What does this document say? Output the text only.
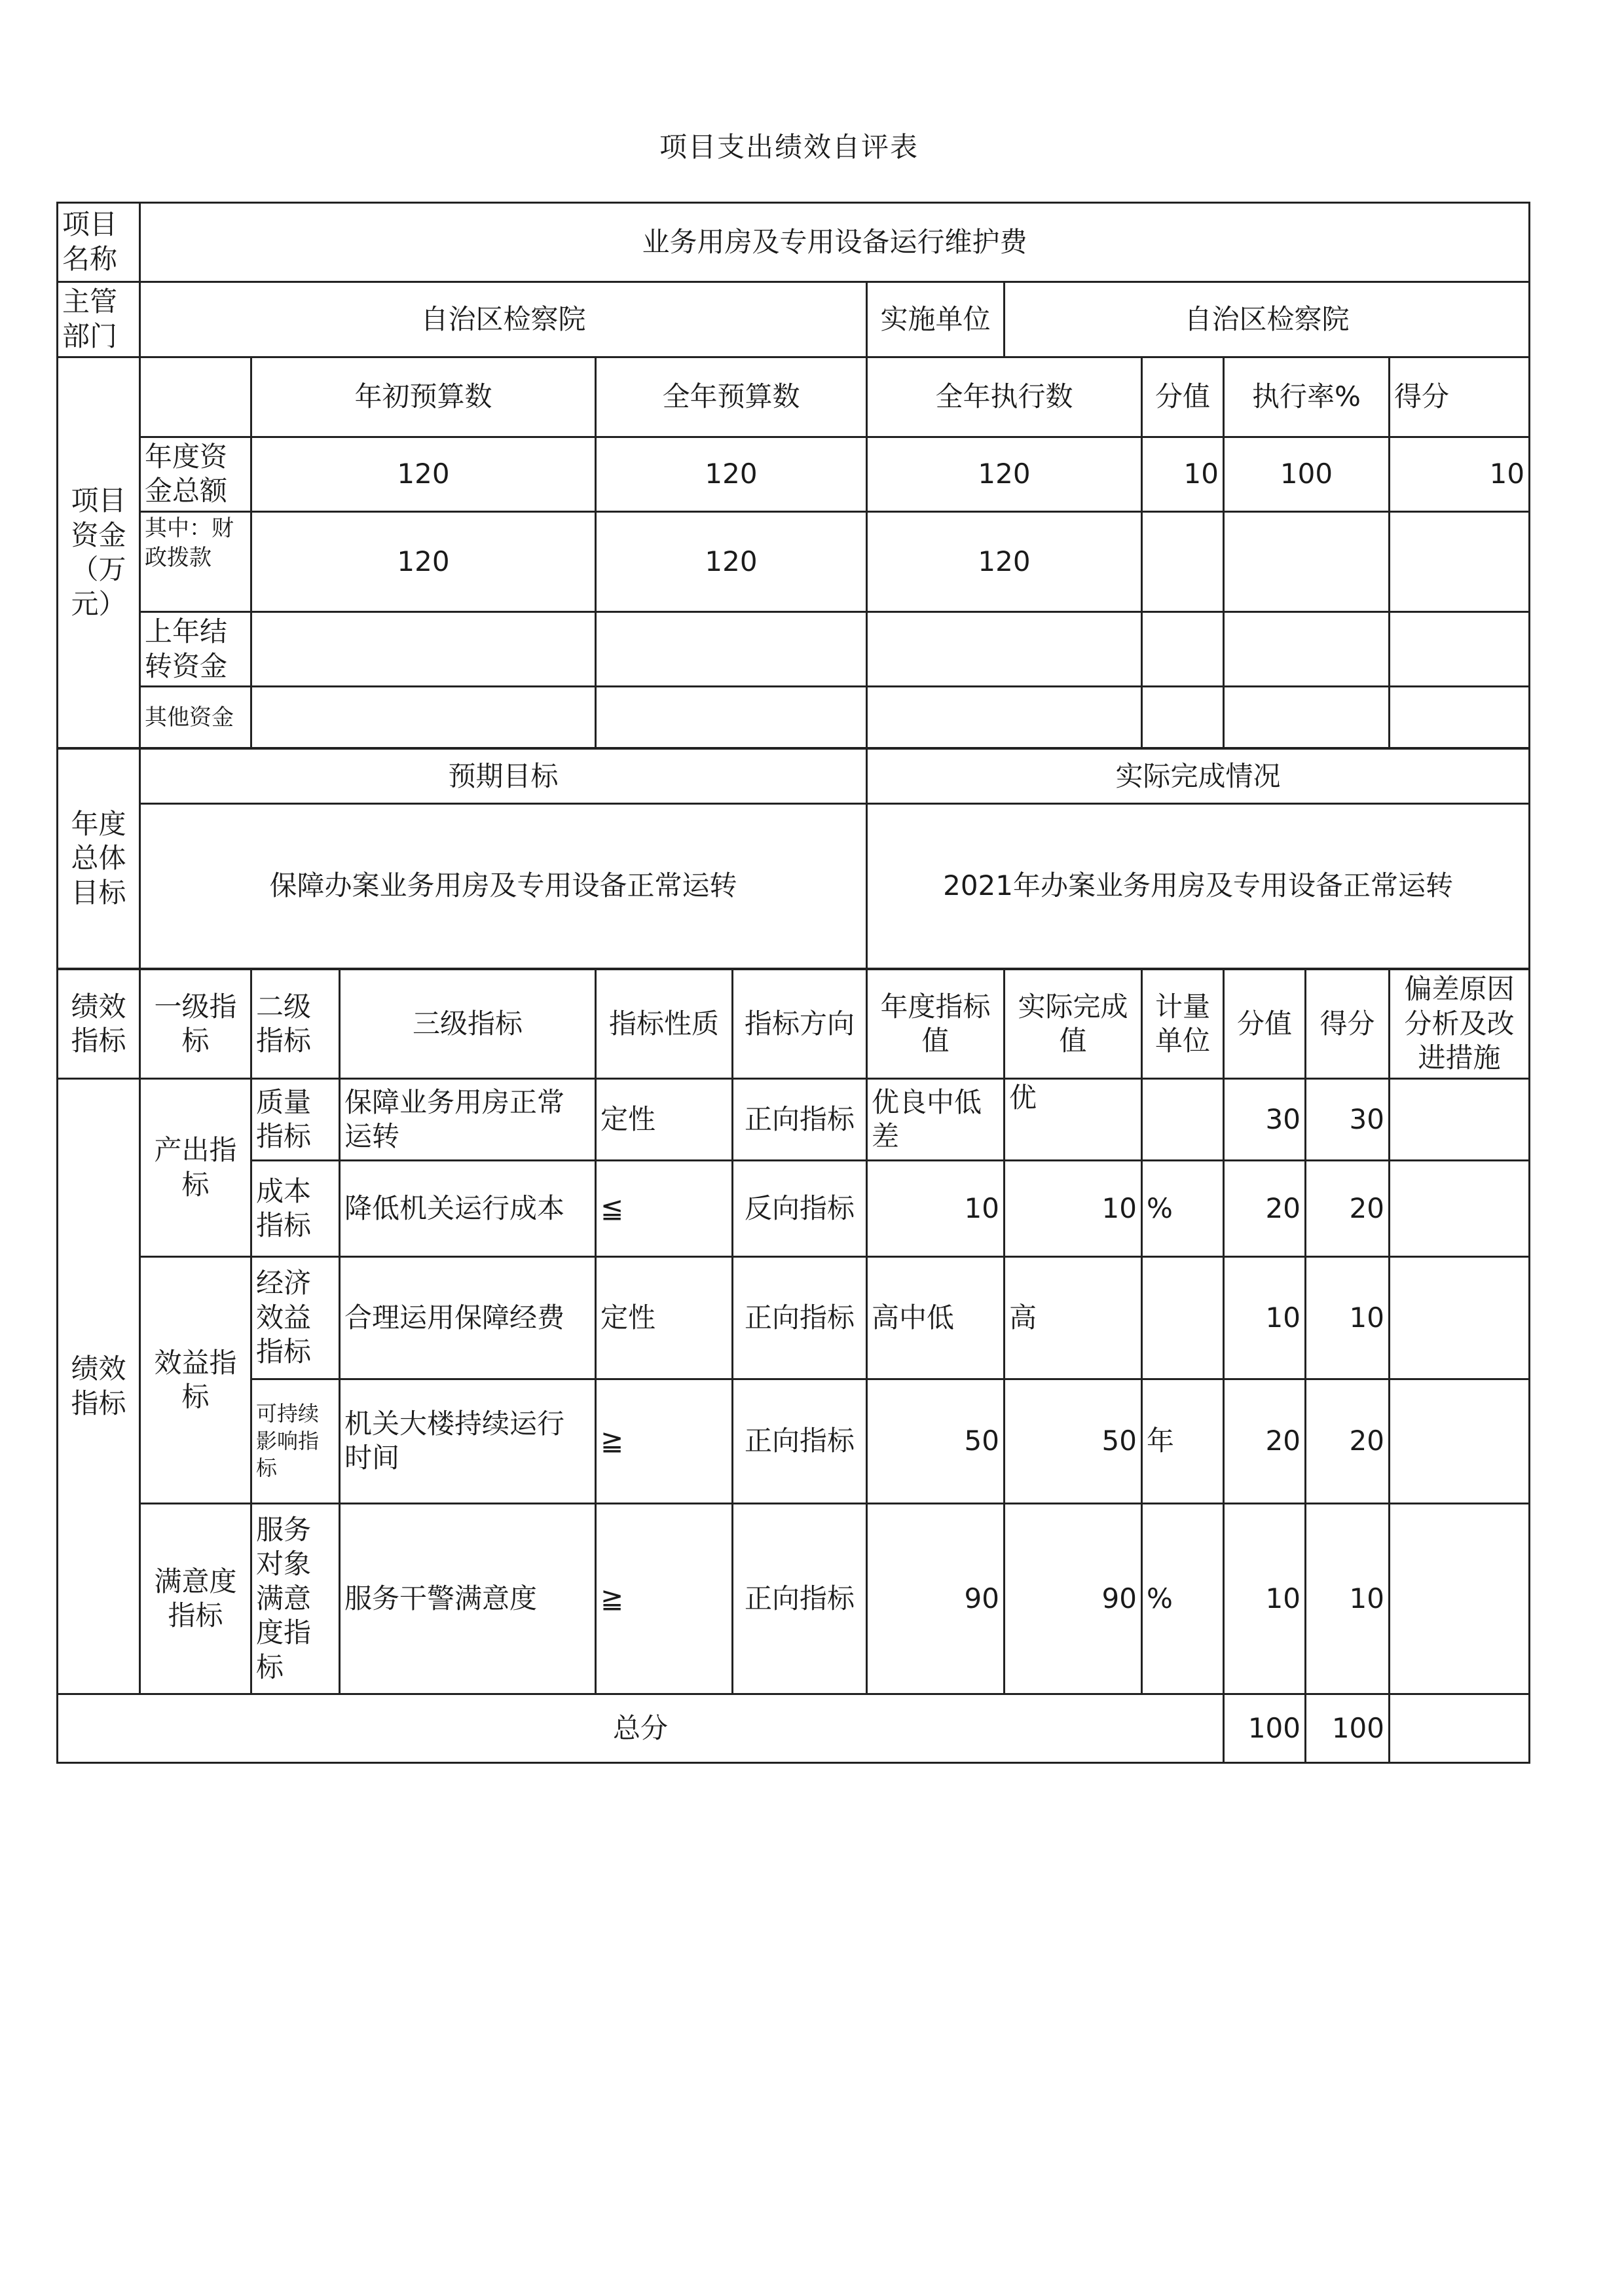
项目支出绩效自评表
项目名称	业务用房及专用设备运行维护费										
主管部门	自治区检察院					实施单位	自治区检察院				
项目资金（万元）		年初预算数		全年预算数		全年执行数		分值	执行率%		得分
	年度资金总额	120		120		120		10	100		10
	其中：财政拨款	120		120		120					
	上年结转资金										
	其他资金										
年度总体目标	预期目标					实际完成情况					
	保障办案业务用房及专用设备正常运转					2021年办案业务用房及专用设备正常运转					
绩效指标	一级指标	二级指标	三级指标	指标性质	指标方向	年度指标值	实际完成值	计量单位	分值	得分	偏差原因分析及改进措施
绩效指标	产出指标	质量指标	保障业务用房正常运转	定性	正向指标	优良中低差	优		30	30	
		成本指标	降低机关运行成本	≦	反向指标	10	10	%	20	20	
	效益指标	经济效益指标	合理运用保障经费	定性	正向指标	高中低	高		10	10	
		可持续影响指标	机关大楼持续运行时间	≧	正向指标	50	50	年	20	20	
	满意度指标	服务对象满意度指标	服务干警满意度	≧	正向指标	90	90	%	10	10	
总分									100	100	
